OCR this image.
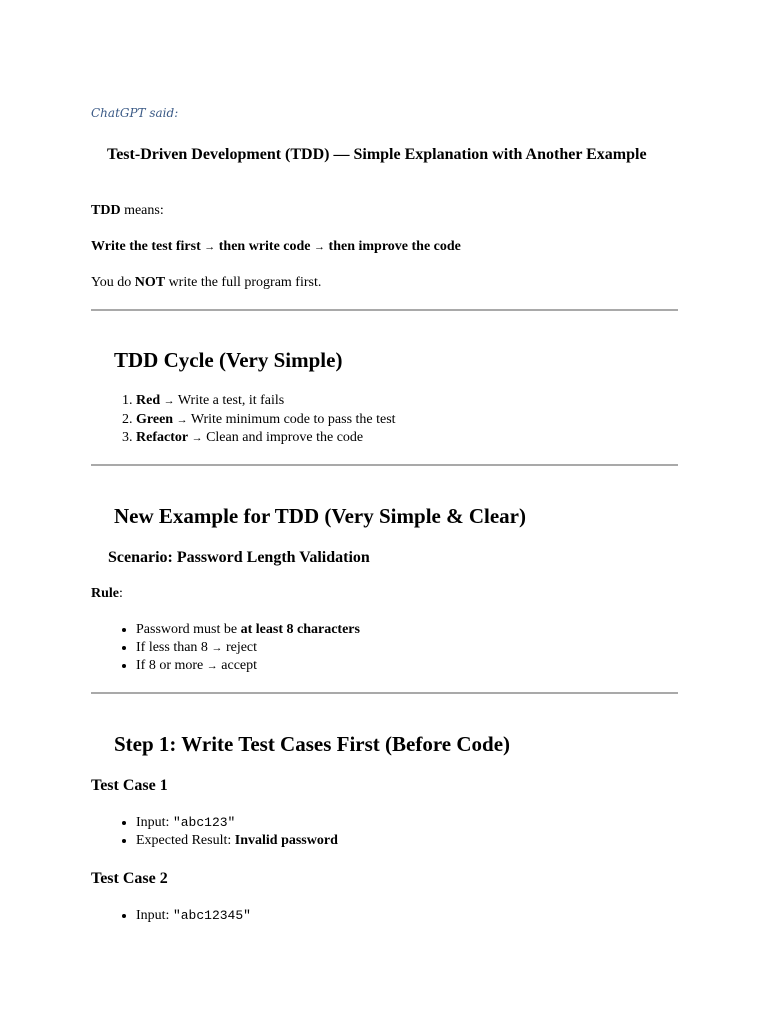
ChatGPT said:
Test-Driven Development (TDD) — Simple Explanation with Another Example
TDD means:
Write the test first → then write code → then improve the code
You do NOT write the full program first.
TDD Cycle (Very Simple)
1. Red → Write a test, it fails
2. Green → Write minimum code to pass the test
3. Refactor → Clean and improve the code
New Example for TDD (Very Simple & Clear)
Scenario: Password Length Validation
Rule:
• Password must be at least 8 characters
• If less than 8 → reject
• If 8 or more → accept
Step 1: Write Test Cases First (Before Code)
Test Case 1
• Input: "abc123"
• Expected Result: Invalid password
Test Case 2
• Input: "abc12345"
